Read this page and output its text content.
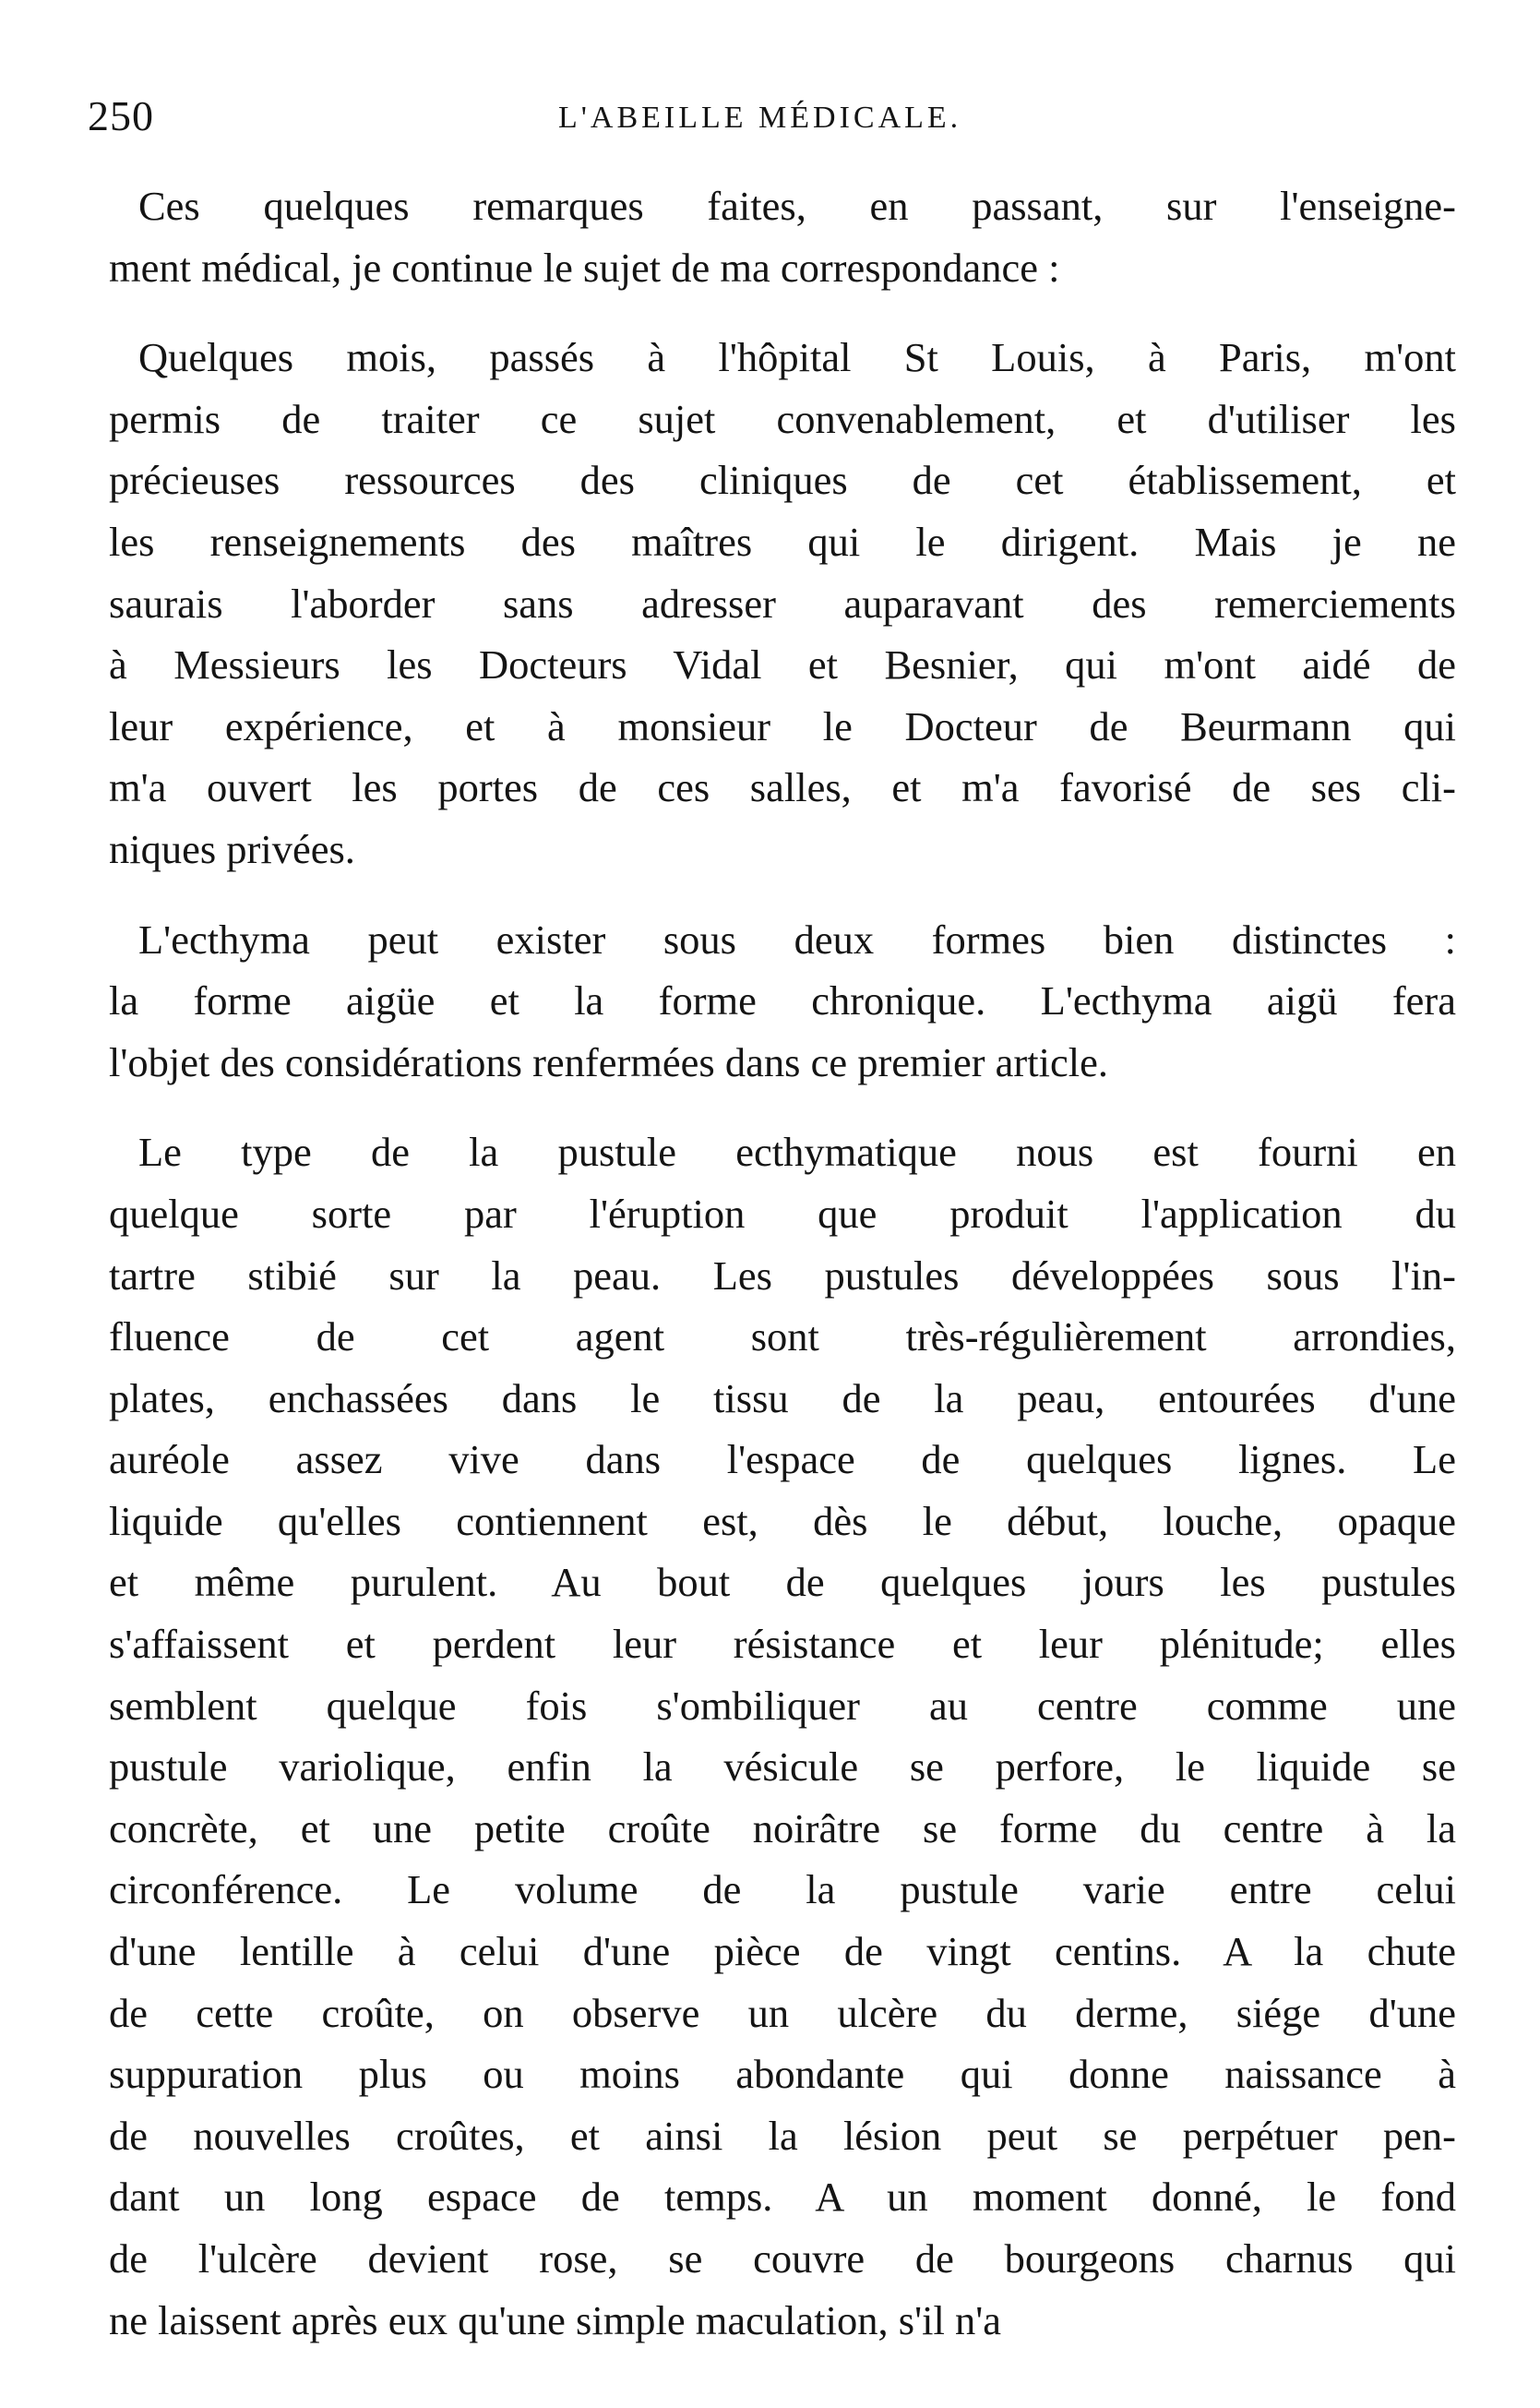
250	L'ABEILLE MÉDICALE.
Ces quelques remarques faites, en passant, sur l'enseigne-
ment médical, je continue le sujet de ma correspondance :
Quelques mois, passés à l'hôpital St Louis, à Paris, m'ont
permis de traiter ce sujet convenablement, et d'utiliser les
précieuses ressources des cliniques de cet établissement, et
les renseignements des maîtres qui le dirigent. Mais je ne
saurais l'aborder sans adresser auparavant des remerciements
à Messieurs les Docteurs Vidal et Besnier, qui m'ont aidé de
leur expérience, et à monsieur le Docteur de Beurmann qui
m'a ouvert les portes de ces salles, et m'a favorisé de ses cli-
niques privées.
L'ecthyma peut exister sous deux formes bien distinctes :
la forme aigüe et la forme chronique. L'ecthyma aigü fera
l'objet des considérations renfermées dans ce premier article.
Le type de la pustule ecthymatique nous est fourni en
quelque sorte par l'éruption que produit l'application du
tartre stibié sur la peau. Les pustules développées sous l'in-
fluence de cet agent sont très-régulièrement arrondies,
plates, enchassées dans le tissu de la peau, entourées d'une
auréole assez vive dans l'espace de quelques lignes. Le
liquide qu'elles contiennent est, dès le début, louche, opaque
et même purulent. Au bout de quelques jours les pustules
s'affaissent et perdent leur résistance et leur plénitude; elles
semblent quelque fois s'ombiliquer au centre comme une
pustule variolique, enfin la vésicule se perfore, le liquide se
concrète, et une petite croûte noirâtre se forme du centre à la
circonférence. Le volume de la pustule varie entre celui
d'une lentille à celui d'une pièce de vingt centins. A la chute
de cette croûte, on observe un ulcère du derme, siége d'une
suppuration plus ou moins abondante qui donne naissance à
de nouvelles croûtes, et ainsi la lésion peut se perpétuer pen-
dant un long espace de temps. A un moment donné, le fond
de l'ulcère devient rose, se couvre de bourgeons charnus qui
ne laissent après eux qu'une simple maculation, s'il n'a
